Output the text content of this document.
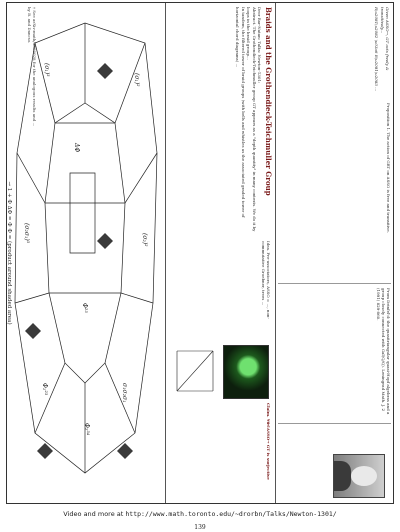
Given ASSO→, GT acts freely & transitively...
R\u2081\u2082 \u03a6 R\u2081\u2083 ...
Proposition 1. The action of GRT on ASSO is free and transitive.
From Drinfel'd: the quasitriangular quasi-Hopf algebras and a group closely connected with Gal(Q/Q). Leningrad Math. J. 2 (1991) 829-860.
Braids and the Grothendieck-Teichmuller Group
Dror Bar-Natan: Talks: Newton-1301:
Abstract. The Grothendieck-Teichmuller group GT appears as a "depth quantity" in many contexts. We do it by loops in the braid group...
In tandem, the filtered tower of braid groups (with bells and whistles as the associated graded tower of horizontal chord diagrams) ...
Idea. Pre-associators, ASSO = ..., non-commutative Groebner, trees ...
Claim. ∀Φ∈ASSO→ GT is surjective
(σ₁)²
(σ₂)²
σ₁σ₂σ₁
ΔΦ
Φ²³
(σ₁)³
(σ₂σ₁)³
Φ₁²³
Φ₂³⁴
→ 1 + Φ ΔΦ = Φ Φ = (product around shaded area)
† See arXiv:math/9808028 for the analogous results and ... by B. and Dancso.
Video and more at http://www.math.toronto.edu/~drorbn/Talks/Newton-1301/
139
